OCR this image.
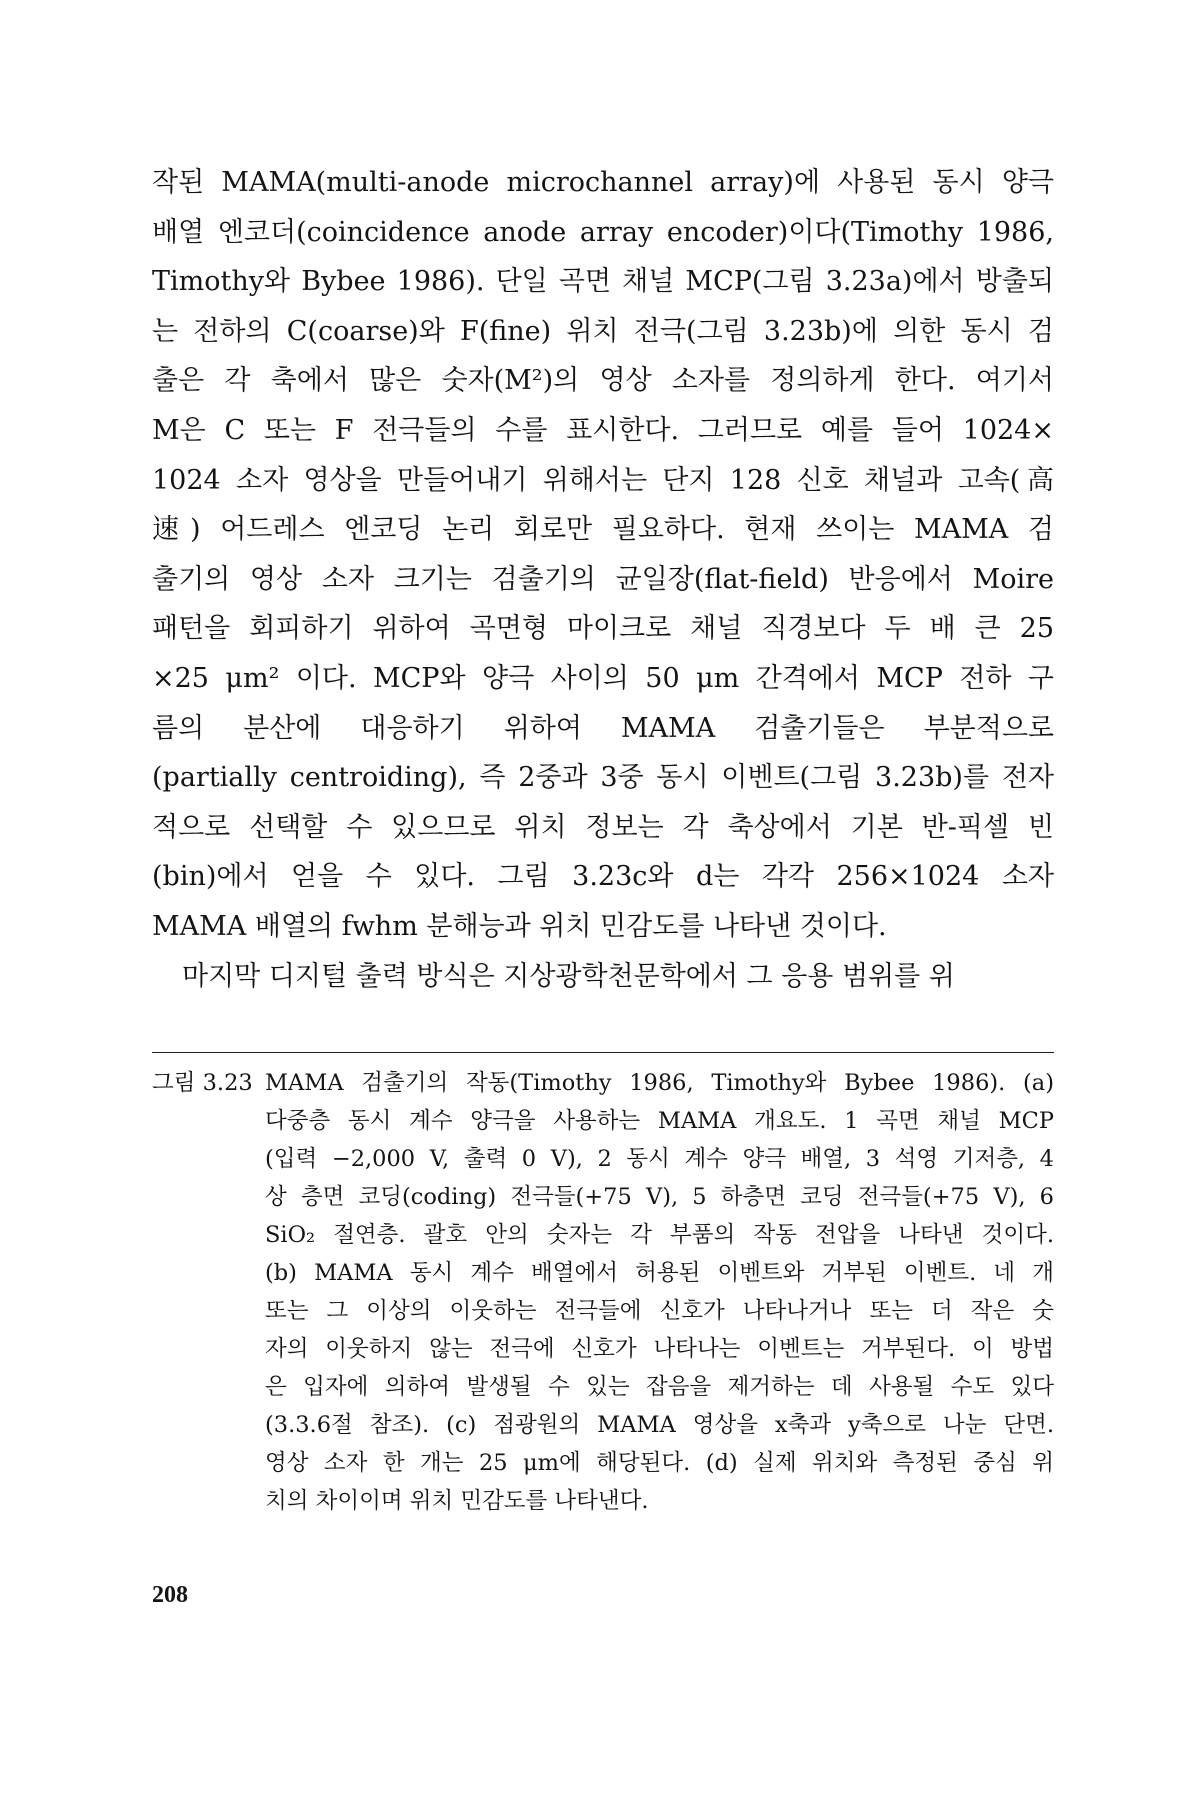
작된 MAMA(multi-anode microchannel array)에 사용된 동시 양극
배열 엔코더(coincidence anode array encoder)이다(Timothy 1986,
Timothy와 Bybee 1986). 단일 곡면 채널 MCP(그림 3.23a)에서 방출되
는 전하의 C(coarse)와 F(fine) 위치 전극(그림 3.23b)에 의한 동시 검
출은 각 축에서 많은 숫자(M²)의 영상 소자를 정의하게 한다. 여기서
M은 C 또는 F 전극들의 수를 표시한다. 그러므로 예를 들어 1024×
1024 소자 영상을 만들어내기 위해서는 단지 128 신호 채널과 고속(高
速) 어드레스 엔코딩 논리 회로만 필요하다. 현재 쓰이는 MAMA 검
출기의 영상 소자 크기는 검출기의 균일장(flat-field) 반응에서 Moire
패턴을 회피하기 위하여 곡면형 마이크로 채널 직경보다 두 배 큰 25
×25 μm² 이다. MCP와 양극 사이의 50 μm 간격에서 MCP 전하 구
름의 분산에 대응하기 위하여 MAMA 검출기들은 부분적으로
(partially centroiding), 즉 2중과 3중 동시 이벤트(그림 3.23b)를 전자
적으로 선택할 수 있으므로 위치 정보는 각 축상에서 기본 반-픽셀 빈
(bin)에서 얻을 수 있다. 그림 3.23c와 d는 각각 256×1024 소자
MAMA 배열의 fwhm 분해능과 위치 민감도를 나타낸 것이다.
마지막 디지털 출력 방식은 지상광학천문학에서 그 응용 범위를 위
그림 3.23 MAMA 검출기의 작동(Timothy 1986, Timothy와 Bybee 1986). (a)
다중층 동시 계수 양극을 사용하는 MAMA 개요도. 1 곡면 채널 MCP
(입력 −2,000 V, 출력 0 V), 2 동시 계수 양극 배열, 3 석영 기저층, 4
상 층면 코딩(coding) 전극들(+75 V), 5 하층면 코딩 전극들(+75 V), 6
SiO₂ 절연층. 괄호 안의 숫자는 각 부품의 작동 전압을 나타낸 것이다.
(b) MAMA 동시 계수 배열에서 허용된 이벤트와 거부된 이벤트. 네 개
또는 그 이상의 이웃하는 전극들에 신호가 나타나거나 또는 더 작은 숫
자의 이웃하지 않는 전극에 신호가 나타나는 이벤트는 거부된다. 이 방법
은 입자에 의하여 발생될 수 있는 잡음을 제거하는 데 사용될 수도 있다
(3.3.6절 참조). (c) 점광원의 MAMA 영상을 x축과 y축으로 나눈 단면.
영상 소자 한 개는 25 μm에 해당된다. (d) 실제 위치와 측정된 중심 위
치의 차이이며 위치 민감도를 나타낸다.
208
